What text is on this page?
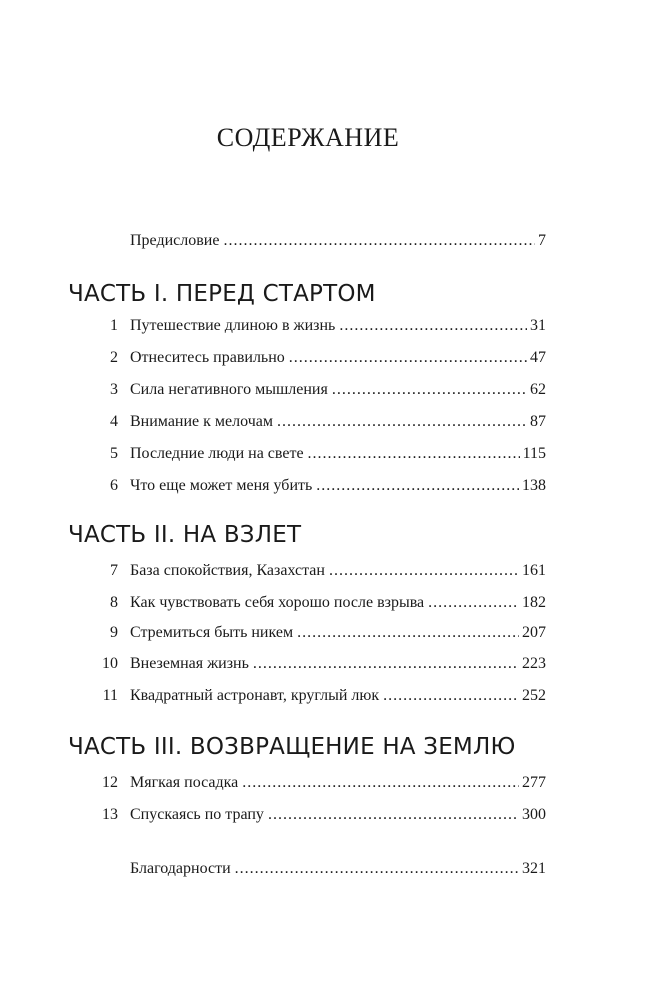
СОДЕРЖАНИЕ
Предисловие .....	7
ЧАСТЬ I. ПЕРЕД СТАРТОМ
1 Путешествие длиною в жизнь .....	31
2 Отнеситесь правильно .....	47
3 Сила негативного мышления .....	62
4 Внимание к мелочам .....	87
5 Последние люди на свете .....	115
6 Что еще может меня убить .....	138
ЧАСТЬ II. НА ВЗЛЕТ
7 База спокойствия, Казахстан .....	161
8 Как чувствовать себя хорошо после взрыва .....	182
9 Стремиться быть никем .....	207
10 Внеземная жизнь .....	223
11 Квадратный астронавт, круглый люк .....	252
ЧАСТЬ III. ВОЗВРАЩЕНИЕ НА ЗЕМЛЮ
12 Мягкая посадка .....	277
13 Спускаясь по трапу .....	300
Благодарности .....	321
